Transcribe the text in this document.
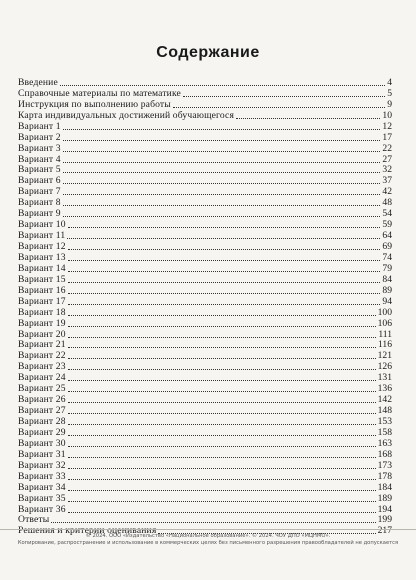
Содержание
Введение	4
Справочные материалы по математике	5
Инструкция по выполнению работы	9
Карта индивидуальных достижений обучающегося	10
Вариант 1	12
Вариант 2	17
Вариант 3	22
Вариант 4	27
Вариант 5	32
Вариант 6	37
Вариант 7	42
Вариант 8	48
Вариант 9	54
Вариант 10	59
Вариант 11	64
Вариант 12	69
Вариант 13	74
Вариант 14	79
Вариант 15	84
Вариант 16	89
Вариант 17	94
Вариант 18	100
Вариант 19	106
Вариант 20	111
Вариант 21	116
Вариант 22	121
Вариант 23	126
Вариант 24	131
Вариант 25	136
Вариант 26	142
Вариант 27	148
Вариант 28	153
Вариант 29	158
Вариант 30	163
Вариант 31	168
Вариант 32	173
Вариант 33	178
Вариант 34	184
Вариант 35	189
Вариант 36	194
Ответы	199
Решения и критерии оценивания	217
© 2024. ООО «Издательство «Национальное образование». © 2024. ЧОУ ДПО «МЦНМО».
Копирование, распространение и использование в коммерческих целях без письменного разрешения правообладателей не допускается
